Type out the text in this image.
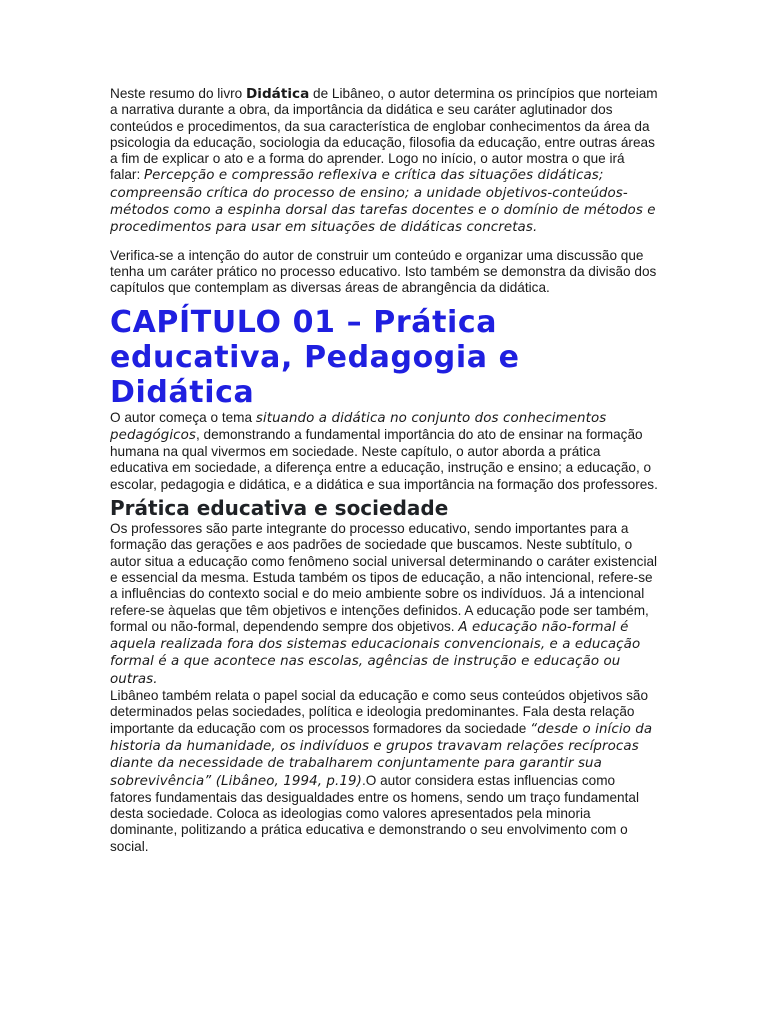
Neste resumo do livro Didática de Libâneo, o autor determina os princípios que norteiam a narrativa durante a obra, da importância da didática e seu caráter aglutinador dos conteúdos e procedimentos, da sua característica de englobar conhecimentos da área da psicologia da educação, sociologia da educação, filosofia da educação, entre outras áreas a fim de explicar o ato e a forma do aprender. Logo no início, o autor mostra o que irá falar: Percepção e compressão reflexiva e crítica das situações didáticas; compreensão crítica do processo de ensino; a unidade objetivos-conteúdos-métodos como a espinha dorsal das tarefas docentes e o domínio de métodos e procedimentos para usar em situações de didáticas concretas.

Verifica-se a intenção do autor de construir um conteúdo e organizar uma discussão que tenha um caráter prático no processo educativo. Isto também se demonstra da divisão dos capítulos que contemplam as diversas áreas de abrangência da didática.

CAPÍTULO 01 – Prática educativa, Pedagogia e Didática

O autor começa o tema situando a didática no conjunto dos conhecimentos pedagógicos, demonstrando a fundamental importância do ato de ensinar na formação humana na qual vivermos em sociedade. Neste capítulo, o autor aborda a prática educativa em sociedade, a diferença entre a educação, instrução e ensino; a educação, o escolar, pedagogia e didática, e a didática e sua importância na formação dos professores.

Prática educativa e sociedade

Os professores são parte integrante do processo educativo, sendo importantes para a formação das gerações e aos padrões de sociedade que buscamos. Neste subtítulo, o autor situa a educação como fenômeno social universal determinando o caráter existencial e essencial da mesma. Estuda também os tipos de educação, a não intencional, refere-se a influências do contexto social e do meio ambiente sobre os indivíduos. Já a intencional refere-se àquelas que têm objetivos e intenções definidos. A educação pode ser também, formal ou não-formal, dependendo sempre dos objetivos. A educação não-formal é aquela realizada fora dos sistemas educacionais convencionais, e a educação formal é a que acontece nas escolas, agências de instrução e educação ou outras.

Libâneo também relata o papel social da educação e como seus conteúdos objetivos são determinados pelas sociedades, política e ideologia predominantes. Fala desta relação importante da educação com os processos formadores da sociedade “desde o início da historia da humanidade, os indivíduos e grupos travavam relações recíprocas diante da necessidade de trabalharem conjuntamente para garantir sua sobrevivência” (Libâneo, 1994, p.19).O autor considera estas influencias como fatores fundamentais das desigualdades entre os homens, sendo um traço fundamental desta sociedade. Coloca as ideologias como valores apresentados pela minoria dominante, politizando a prática educativa e demonstrando o seu envolvimento com o social.
